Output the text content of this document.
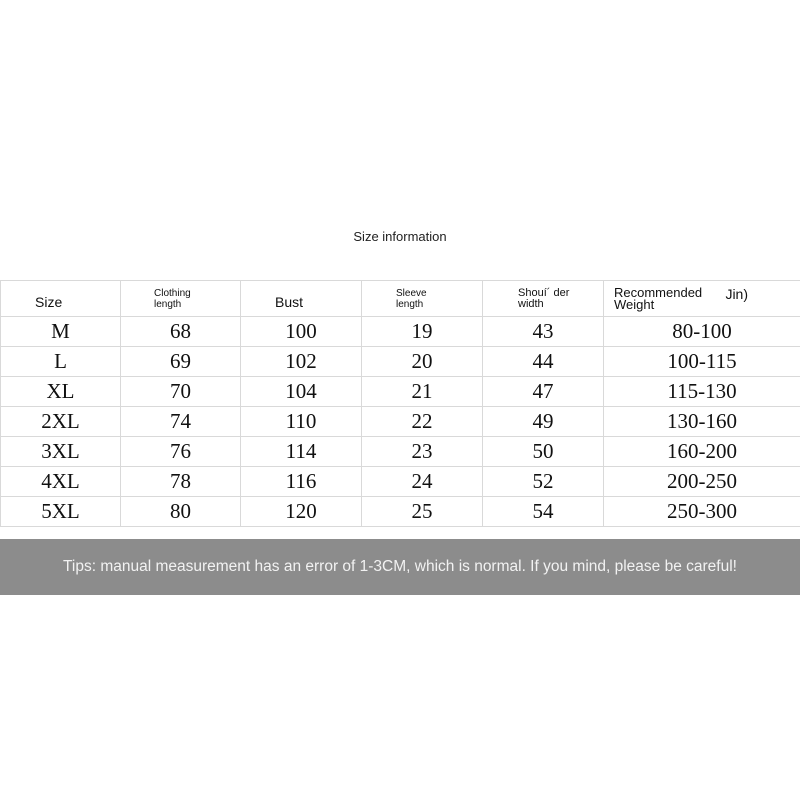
Size information
Size	Clothing length	Bust	Sleeve length	Shouí´ der width	Recommended Weight
Jin)

M	68	100	19	43	80-100
L	69	102	20	44	100-115
XL	70	104	21	47	115-130
2XL	74	110	22	49	130-160
3XL	76	114	23	50	160-200
4XL	78	116	24	52	200-250
5XL	80	120	25	54	250-300
Tips: manual measurement has an error of 1-3CM, which is normal. If you mind, please be careful!
